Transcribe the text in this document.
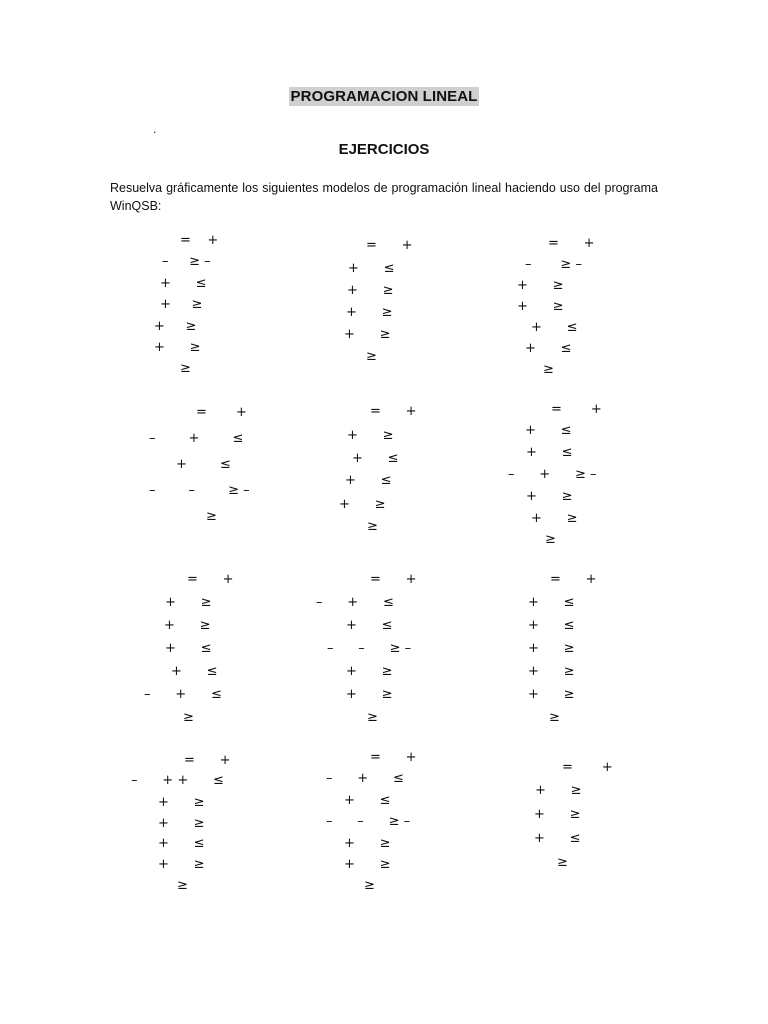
PROGRAMACION LINEAL
.
EJERCICIOS
Resuelva gráficamente los siguientes modelos de programación lineal haciendo uso del programa
WinQSB:
=    +
–     ≥ –
+      ≤
+     ≥
+     ≥
+      ≥
≥
=       +
–        +        ≤
+        ≤
–        –        ≥ –
≥
=      +
+      ≥
+      ≥
+      ≤
+      ≤
–      +      ≤
≥
=      +
–      + +      ≤
+      ≥
+      ≥
+      ≤
+      ≥
≥
=      +
+      ≤
+      ≥
+      ≥
+      ≥
≥
=      +
+      ≥
+      ≤
+      ≤
+      ≥
≥
=      +
–      +      ≤
+      ≤
–      –      ≥ –
+      ≥
+      ≥
≥
=      +
–      +      ≤
+      ≤
–      –      ≥ –
+      ≥
+      ≥
≥
=      +
–       ≥ –
+      ≥
+      ≥
+      ≤
+      ≤
≥
=       +
+      ≤
+      ≤
–      +      ≥ –
+      ≥
+      ≥
≥
=      +
+      ≤
+      ≤
+      ≥
+      ≥
+      ≥
≥
=       +
+      ≥
+      ≥
+      ≤
≥
